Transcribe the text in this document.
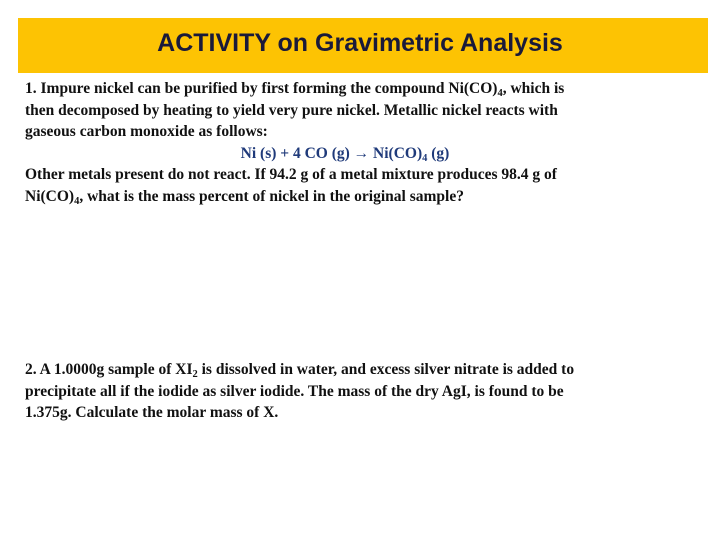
ACTIVITY on Gravimetric Analysis
1. Impure nickel can be purified by first forming the compound $Ni(CO)_4$, which is
then decomposed by heating to yield very pure nickel. Metallic nickel reacts with
gaseous carbon monoxide as follows:
Ni (s) + 4 CO $(g) \to Ni(CO)_4$ (g)
Other metals present do not react. If 94.2 g of a metal mixture produces 98.4 g of
$Ni(CO)_4$, what is the mass percent of nickel in the original sample?
2. A 1.0000g sample of $XI_2$ is dissolved in water, and excess silver nitrate is added to
precipitate all if the iodide as silver iodide. The mass of the dry AgI, is found to be
1.375g. Calculate the molar mass of X.
